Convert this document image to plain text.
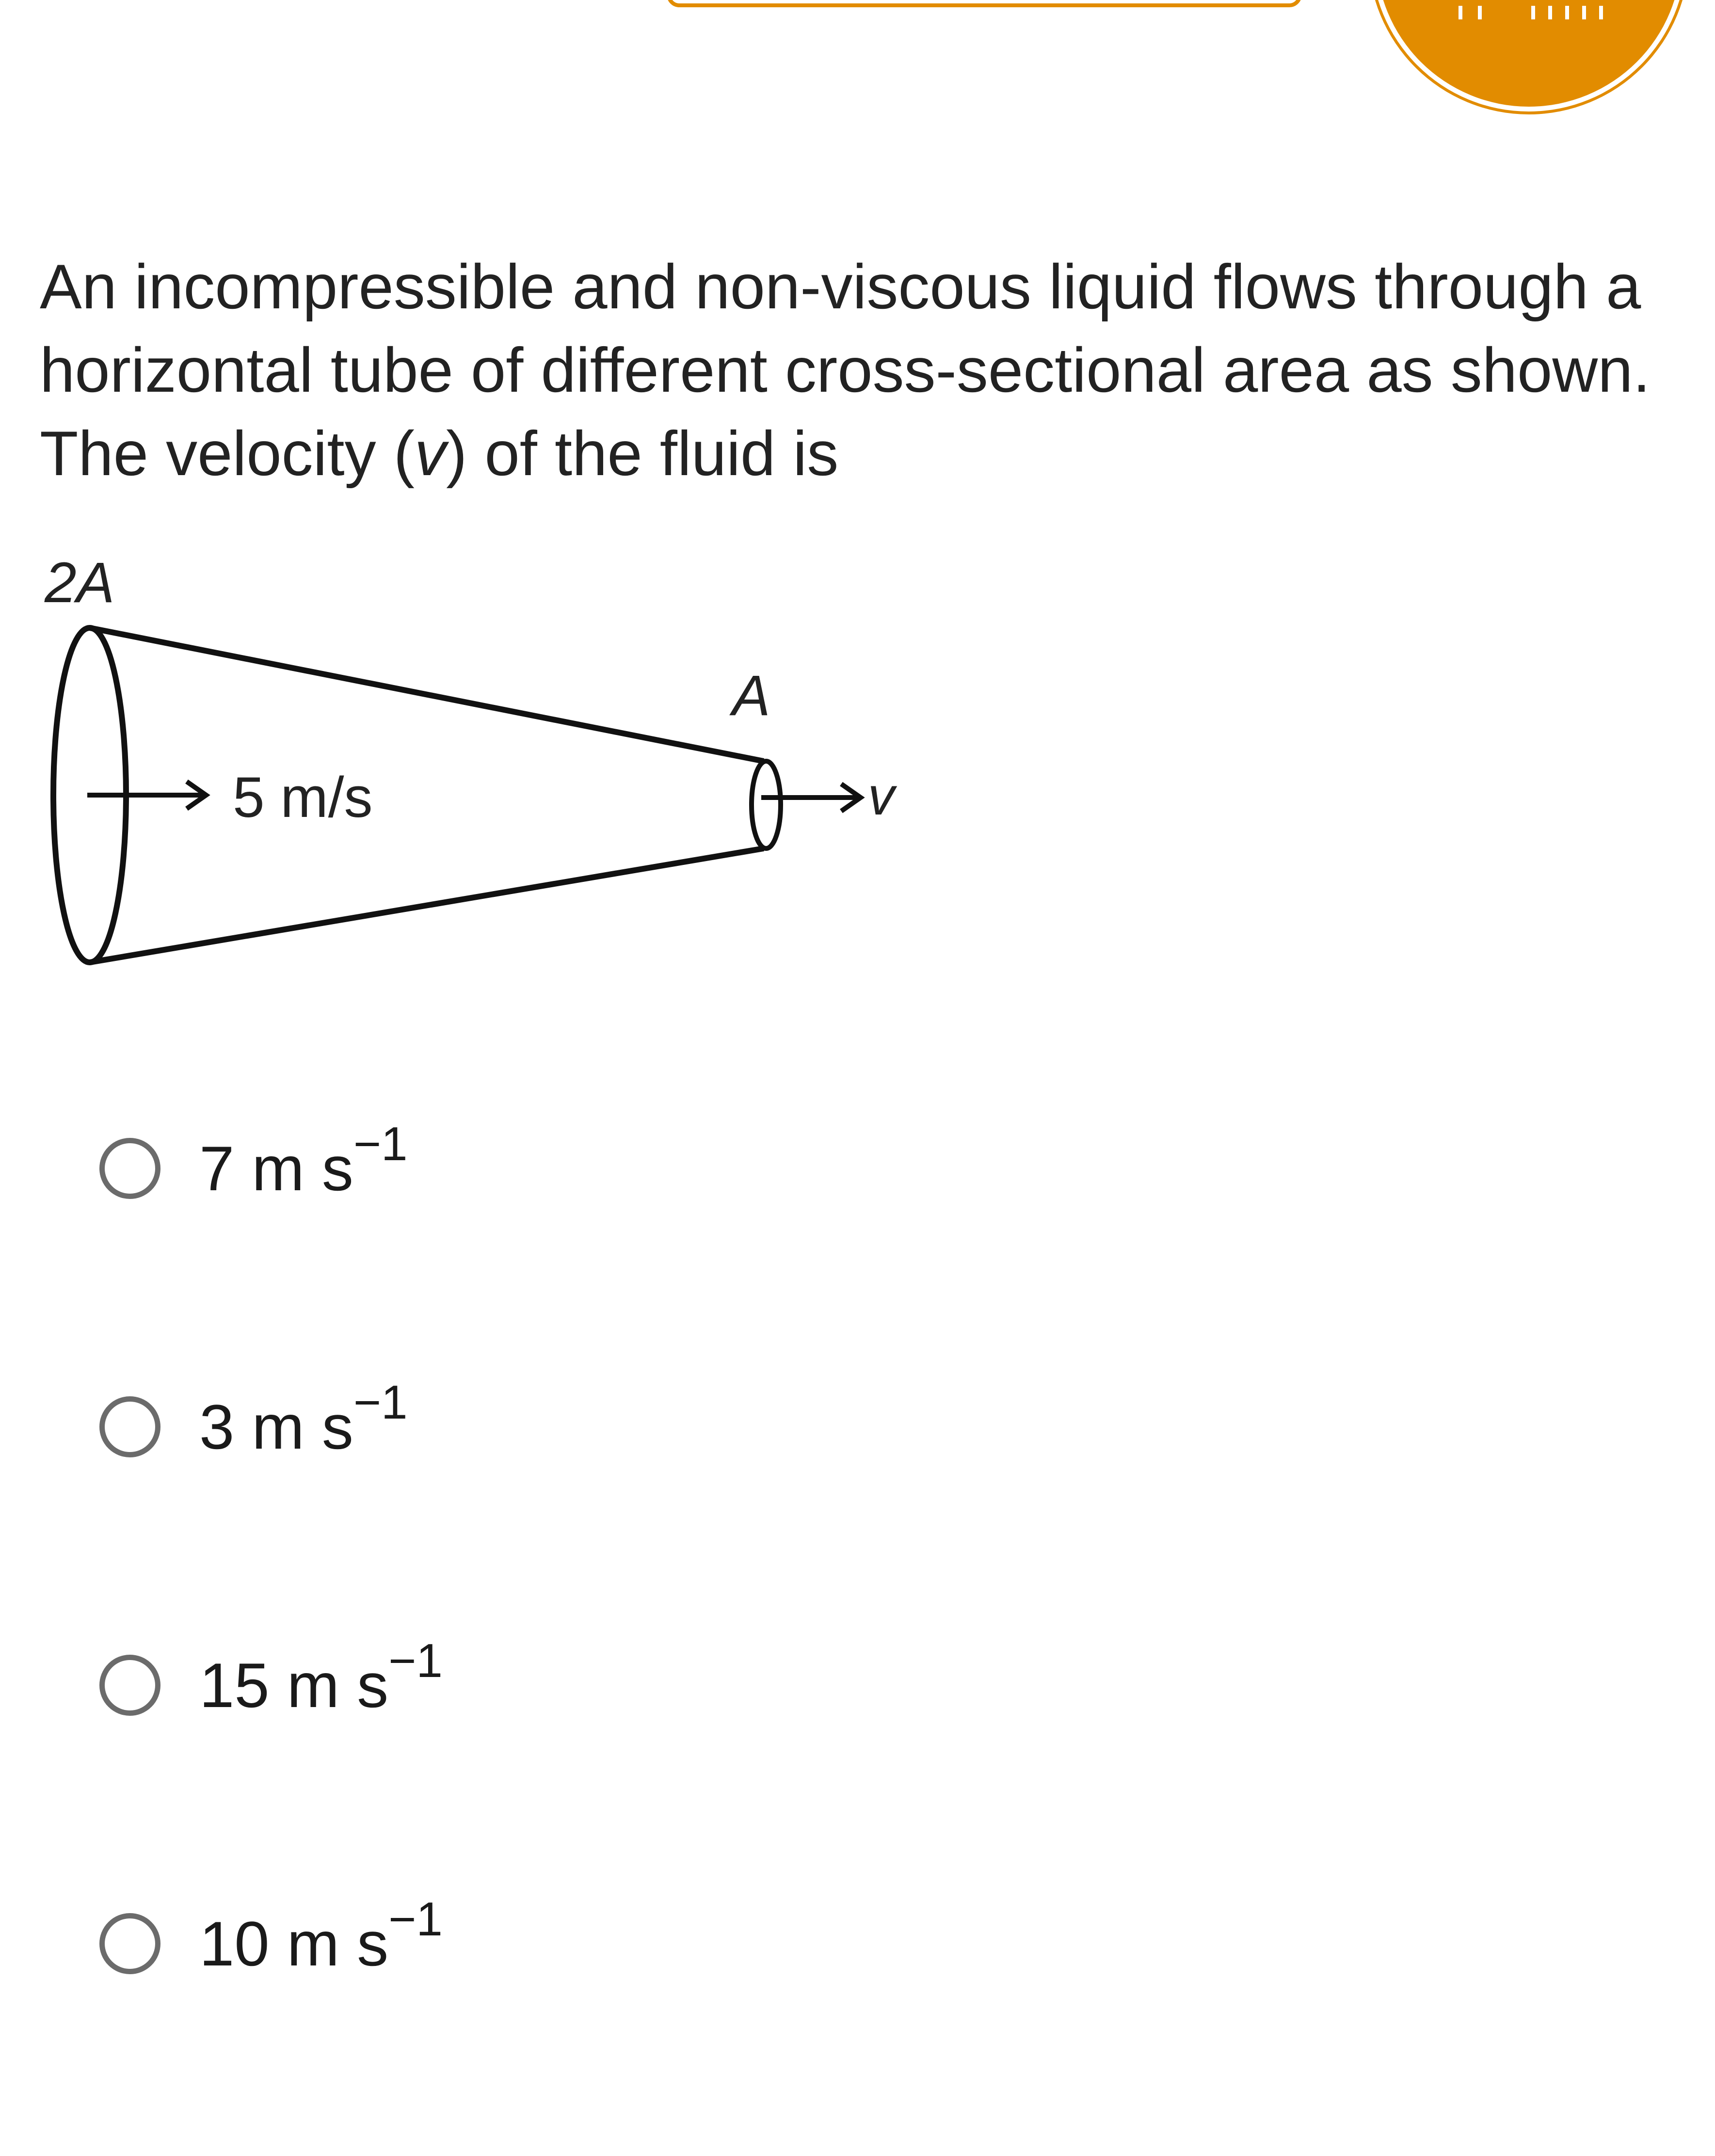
An incompressible and non-viscous liquid flows through a
horizontal tube of different cross-sectional area as shown.
The velocity (v) of the fluid is

2A
5 m/s
A
v
7 m $s^{-1}$
3 m $s^{-1}$
15 m $s^{-1}$
10 m $s^{-1}$
